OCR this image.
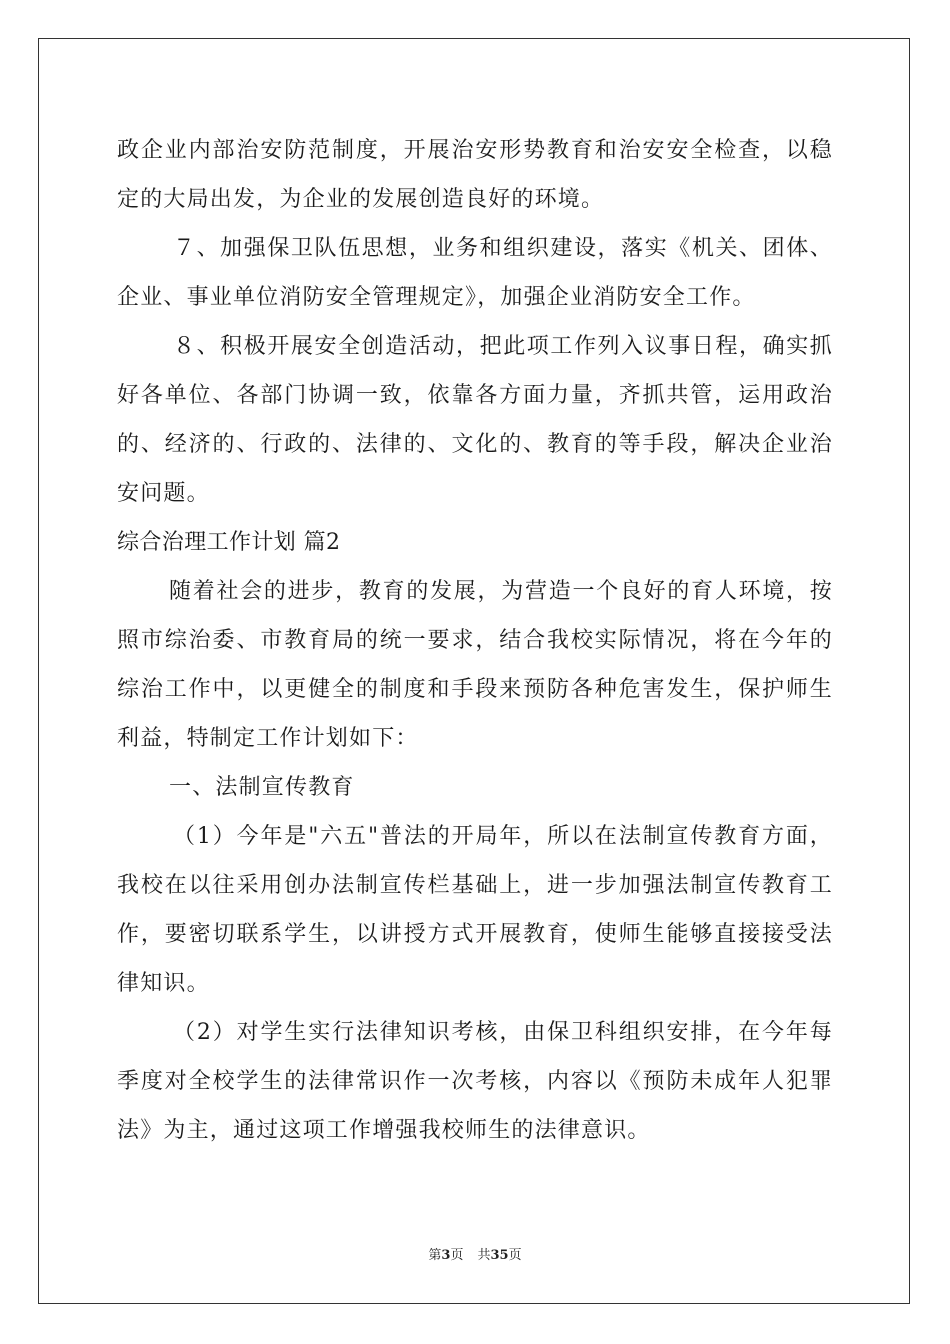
政企业内部治安防范制度，开展治安形势教育和治安安全检查，以稳
定的大局出发，为企业的发展创造良好的环境。
７、加强保卫队伍思想，业务和组织建设，落实《机关、团体、
企业、事业单位消防安全管理规定》，加强企业消防安全工作。
８、积极开展安全创造活动，把此项工作列入议事日程，确实抓
好各单位、各部门协调一致，依靠各方面力量，齐抓共管，运用政治
的、经济的、行政的、法律的、文化的、教育的等手段，解决企业治
安问题。
综合治理工作计划 篇2
随着社会的进步，教育的发展，为营造一个良好的育人环境，按
照市综治委、市教育局的统一要求，结合我校实际情况，将在今年的
综治工作中，以更健全的制度和手段来预防各种危害发生，保护师生
利益，特制定工作计划如下：
一、法制宣传教育
（1）今年是"六五"普法的开局年，所以在法制宣传教育方面，
我校在以往采用创办法制宣传栏基础上，进一步加强法制宣传教育工
作，要密切联系学生，以讲授方式开展教育，使师生能够直接接受法
律知识。
（2）对学生实行法律知识考核，由保卫科组织安排，在今年每
季度对全校学生的法律常识作一次考核，内容以《预防未成年人犯罪
法》为主，通过这项工作增强我校师生的法律意识。
第3页 共35页
